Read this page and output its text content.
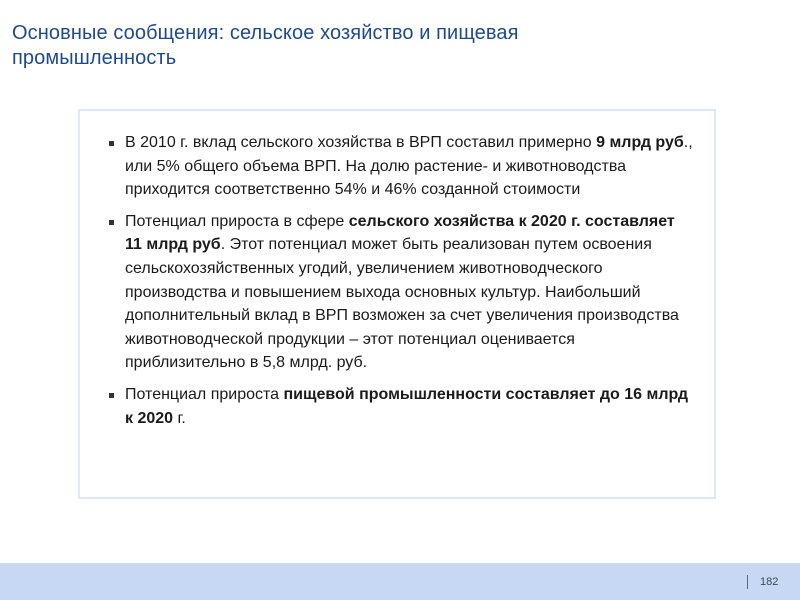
Основные сообщения: сельское хозяйство и пищевая промышленность

В 2010 г. вклад сельского хозяйства в ВРП составил примерно

9 млрд руб

., или 5% общего объема ВРП. На долю растение- и животноводства приходится соответственно 54% и 46% созданной стоимости

Потенциал прироста в сфере

сельского хозяйства к 2020 г. составляет 11 млрд руб

. Этот потенциал может быть реализован путем освоения сельскохозяйственных угодий, увеличением животноводческого производства и повышением выхода основных культур. Наибольший дополнительный вклад в ВРП возможен за счет увеличения производства животноводческой продукции – этот потенциал оценивается приблизительно в 5,8 млрд. руб.

Потенциал прироста

пищевой промышленности составляет до 16 млрд к 2020

г.

182
